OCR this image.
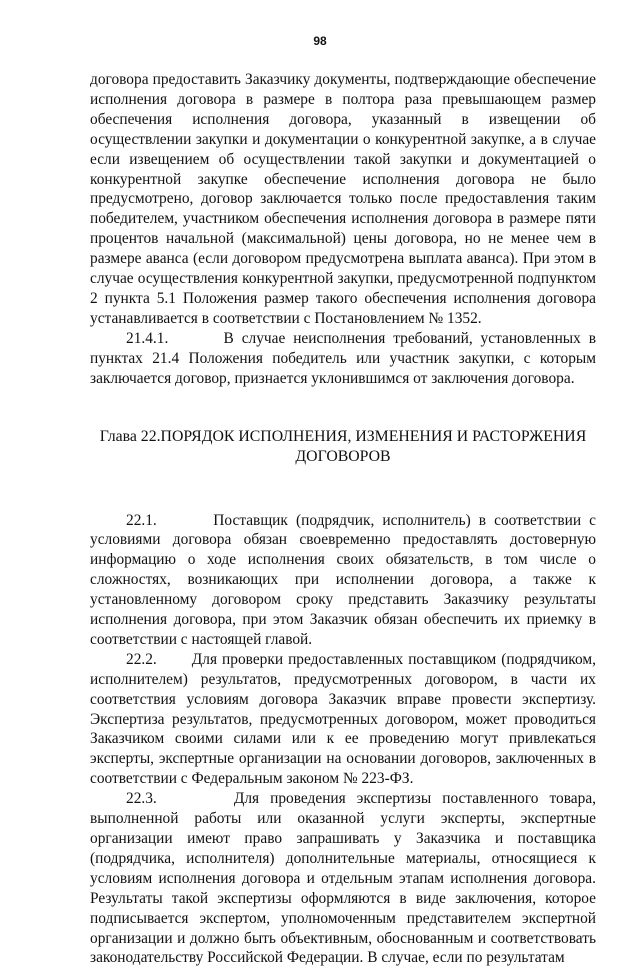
98

договора предоставить Заказчику документы, подтверждающие обеспечение исполнения договора в размере в полтора раза превышающем размер обеспечения исполнения договора, указанный в извещении об осуществлении закупки и документации о конкурентной закупке, а в случае если извещением об осуществлении такой закупки и документацией о конкурентной закупке обеспечение исполнения договора не было предусмотрено, договор заключается только после предоставления таким победителем, участником обеспечения исполнения договора в размере пяти процентов начальной (максимальной) цены договора, но не менее чем в размере аванса (если договором предусмотрена выплата аванса). При этом в случае осуществления конкурентной закупки, предусмотренной подпунктом 2 пункта 5.1 Положения размер такого обеспечения исполнения договора устанавливается в соответствии с Постановлением № 1352.

21.4.1.       В случае неисполнения требований, установленных в пунктах 21.4 Положения победитель или участник закупки, с которым заключается договор, признается уклонившимся от заключения договора.

Глава 22.ПОРЯДОК ИСПОЛНЕНИЯ, ИЗМЕНЕНИЯ И РАСТОРЖЕНИЯ ДОГОВОРОВ

22.1.       Поставщик (подрядчик, исполнитель) в соответствии с условиями договора обязан своевременно предоставлять достоверную информацию о ходе исполнения своих обязательств, в том числе о сложностях, возникающих при исполнении договора, а также к установленному договором сроку представить Заказчику результаты исполнения договора, при этом Заказчик обязан обеспечить их приемку в соответствии с настоящей главой.

22.2.       Для проверки предоставленных поставщиком (подрядчиком, исполнителем) результатов, предусмотренных договором, в части их соответствия условиям договора Заказчик вправе провести экспертизу. Экспертиза результатов, предусмотренных договором, может проводиться Заказчиком своими силами или к ее проведению могут привлекаться эксперты, экспертные организации на основании договоров, заключенных в соответствии с Федеральным законом № 223-ФЗ.

22.3.       Для проведения экспертизы поставленного товара, выполненной работы или оказанной услуги эксперты, экспертные организации имеют право запрашивать у Заказчика и поставщика (подрядчика, исполнителя) дополнительные материалы, относящиеся к условиям исполнения договора и отдельным этапам исполнения договора. Результаты такой экспертизы оформляются в виде заключения, которое подписывается экспертом, уполномоченным представителем экспертной организации и должно быть объективным, обоснованным и соответствовать законодательству Российской Федерации. В случае, если по результатам
